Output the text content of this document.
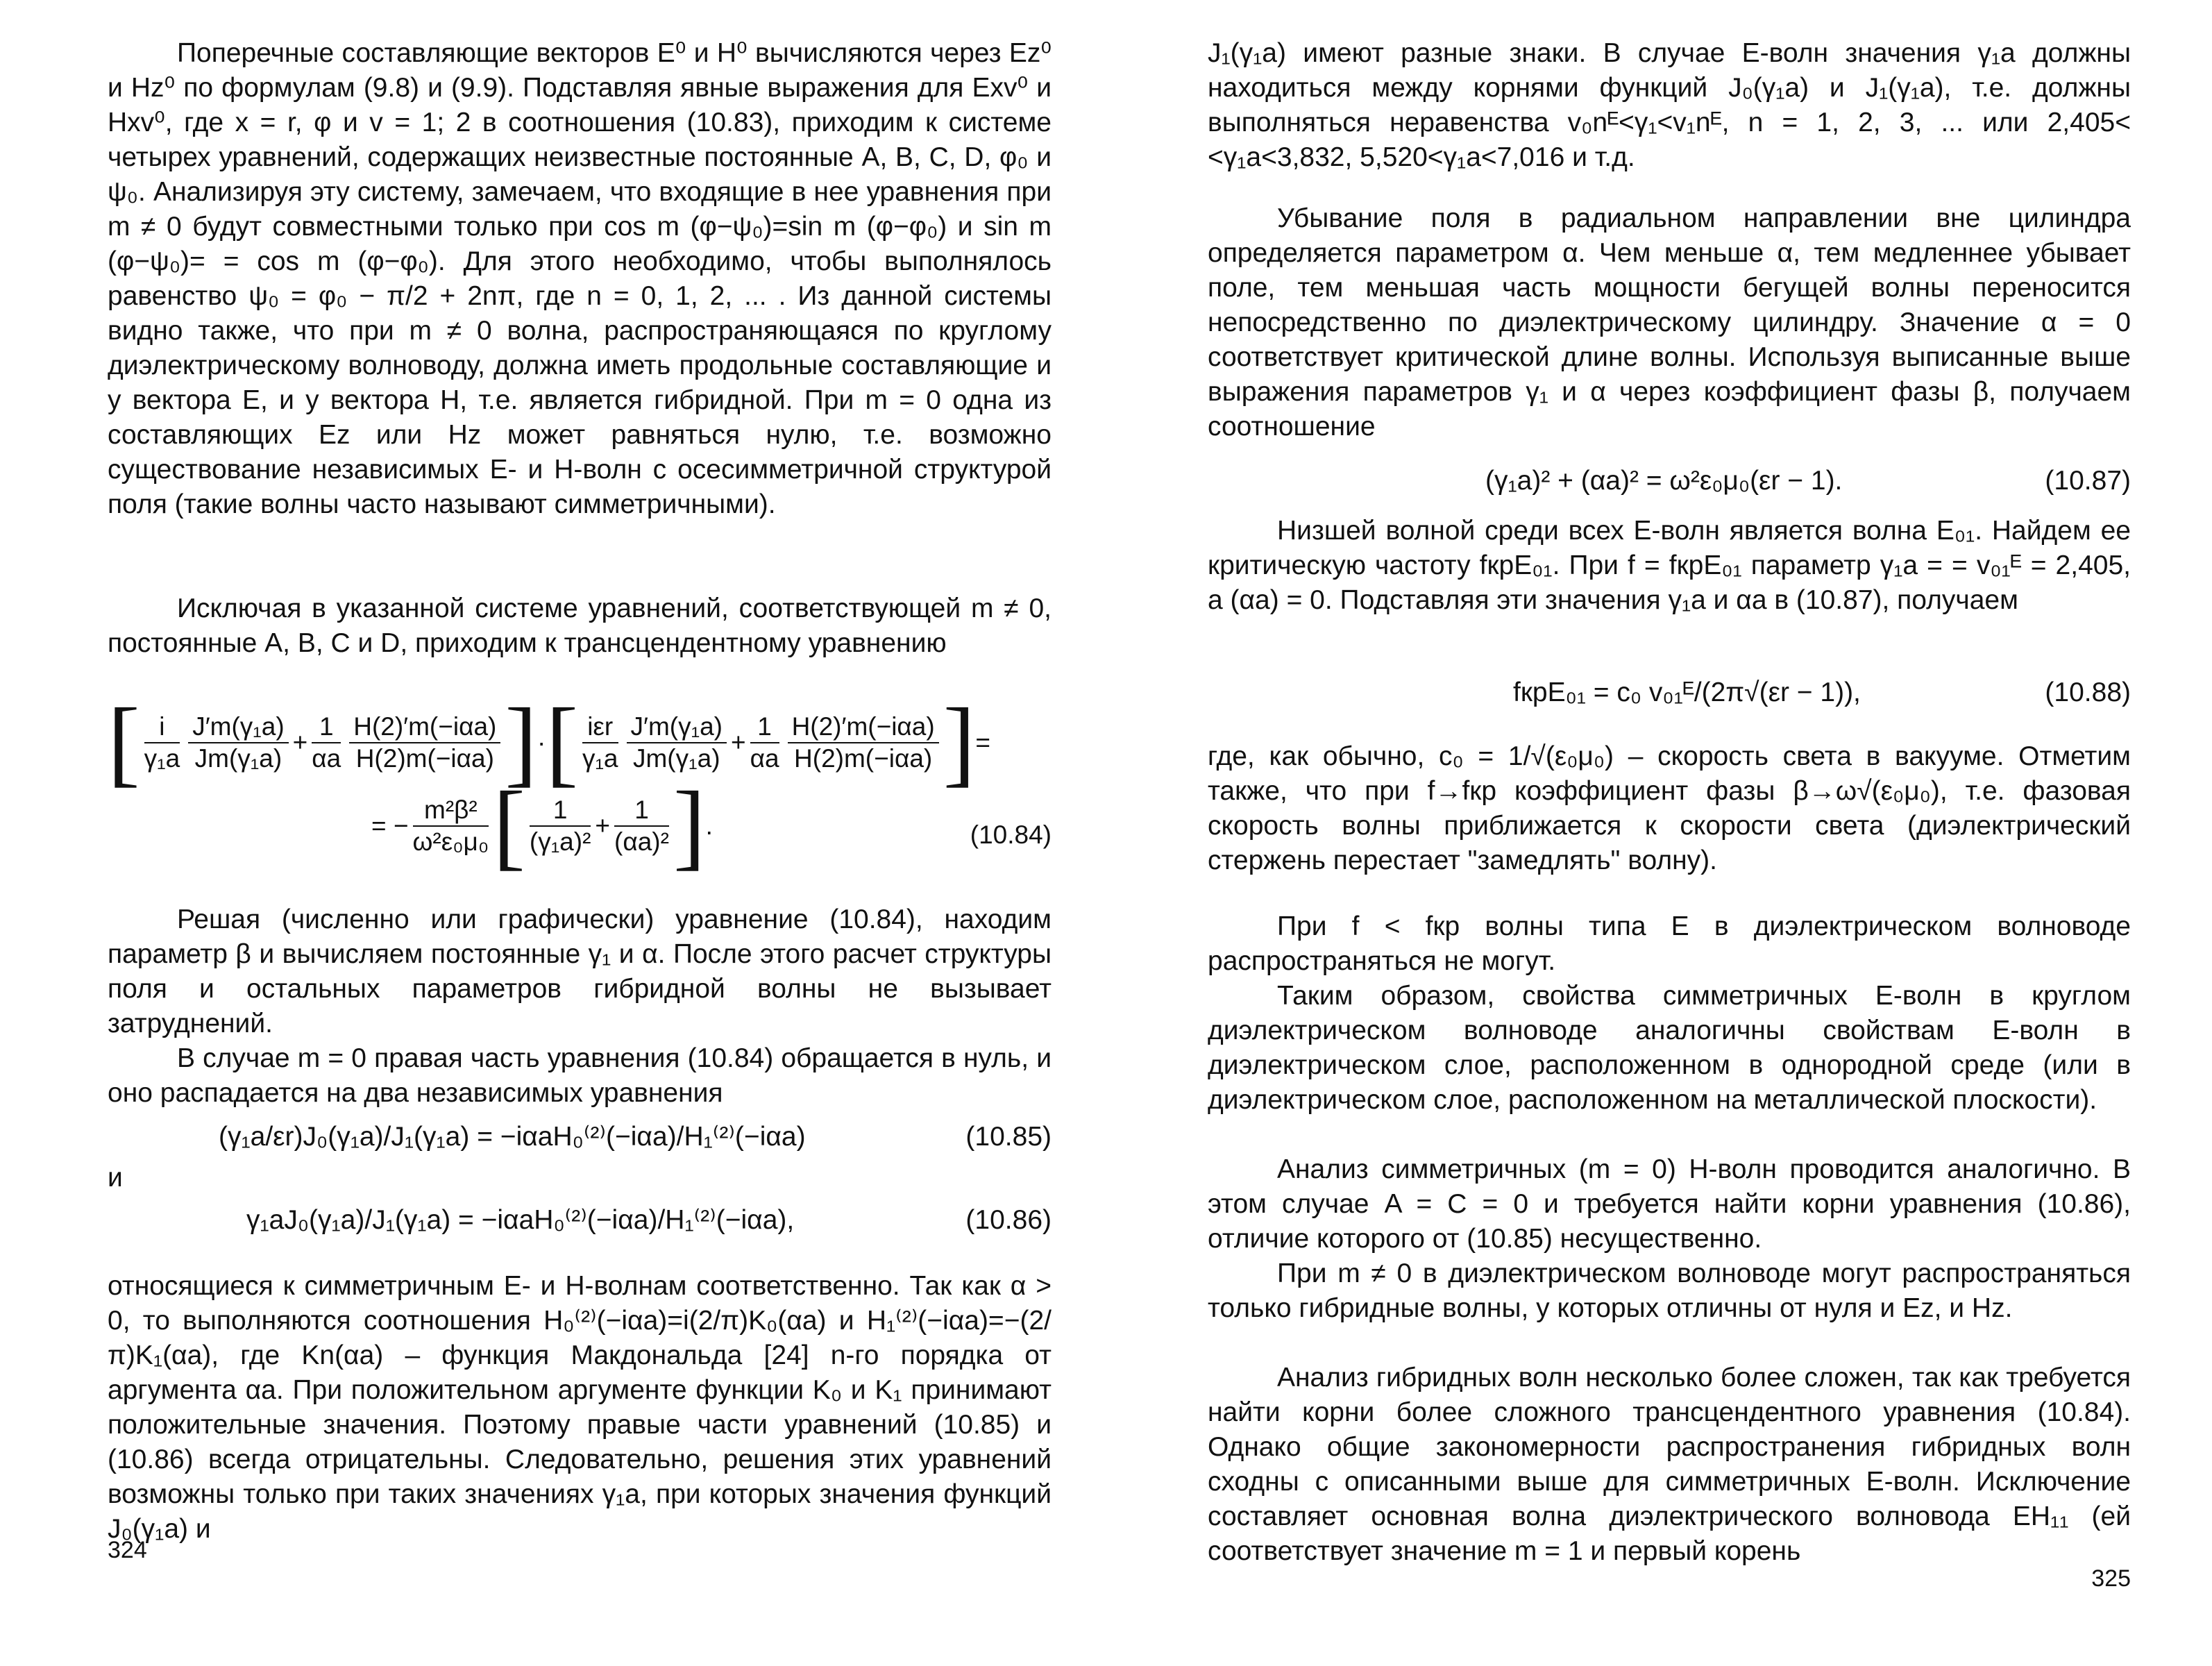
Поперечные составляющие векторов E⁰ и H⁰ вычисляются через Ez⁰ и Hz⁰ по формулам (9.8) и (9.9). Подставляя явные выражения для Exv⁰ и Hxv⁰, где x = r, φ и v = 1; 2 в соотношения (10.83), приходим к системе четырех уравнений, содержащих неизвестные постоянные A, B, C, D, φ₀ и ψ₀. Анализируя эту систему, замечаем, что входящие в нее уравнения при m ≠ 0 будут совместными только при cos m (φ−ψ₀)=sin m (φ−φ₀) и sin m (φ−ψ₀)= = cos m (φ−φ₀). Для этого необходимо, чтобы выполнялось равенство ψ₀ = φ₀ − π/2 + 2nπ, где n = 0, 1, 2, ... . Из данной системы видно также, что при m ≠ 0 волна, распространяющаяся по круглому диэлектрическому волноводу, должна иметь продольные составляющие и у вектора E, и у вектора H, т.е. является гибридной. При m = 0 одна из составляющих Ez или Hz может равняться нулю, т.е. возможно существование независимых E- и H-волн с осесимметричной структурой поля (такие волны часто называют симметричными).

Исключая в указанной системе уравнений, соответствующей m ≠ 0, постоянные A, B, C и D, приходим к трансцендентному уравнению

[ $\frac{i}{\text{γ₁a}} \frac{\text{J′m(γ₁a)}}{\text{Jm(γ₁a)}} + \frac{1}{\alpha a} \frac{\text{H(2)′m(−iαa)}}{\text{H(2)m(−iαa)}}$ ] · [ $\frac{\text{iεr}}{\text{γ₁a}} \frac{\text{J′m(γ₁a)}}{\text{Jm(γ₁a)}} + \frac{1}{\alpha a} \frac{\text{H(2)′m(−iαa)}}{\text{H(2)m(−iαa)}}$ ] =
= − $\frac{\text{m²β²}}{\text{ω²ε₀μ₀}}$ [ $\frac{1}{\text{(γ₁a)²}} + \frac{1}{\text{(αa)²}}$ ] .	(10.84)

Решая (численно или графически) уравнение (10.84), находим параметр β и вычисляем постоянные γ₁ и α. После этого расчет структуры поля и остальных параметров гибридной волны не вызывает затруднений.

В случае m = 0 правая часть уравнения (10.84) обращается в нуль, и оно распадается на два независимых уравнения

(γ₁a/εr)J₀(γ₁a)/J₁(γ₁a) = −iαaH₀⁽²⁾(−iαa)/H₁⁽²⁾(−iαa)	(10.85)
и
γ₁aJ₀(γ₁a)/J₁(γ₁a) = −iαaH₀⁽²⁾(−iαa)/H₁⁽²⁾(−iαa),	(10.86)

относящиеся к симметричным E- и H-волнам соответственно. Так как α > 0, то выполняются соотношения H₀⁽²⁾(−iαa)=i(2/π)K₀(αa) и H₁⁽²⁾(−iαa)=−(2/π)K₁(αa), где Kn(αa) – функция Макдональда [24] n-го порядка от аргумента αa. При положительном аргументе функции K₀ и K₁ принимают положительные значения. Поэтому правые части уравнений (10.85) и (10.86) всегда отрицательны. Следовательно, решения этих уравнений возможны только при таких значениях γ₁a, при которых значения функций J₀(γ₁a) и

324

J₁(γ₁a) имеют разные знаки. В случае E-волн значения γ₁a должны находиться между корнями функций J₀(γ₁a) и J₁(γ₁a), т.е. должны выполняться неравенства v₀nᴱ<γ₁<v₁nᴱ, n = 1, 2, 3, ... или 2,405< <γ₁a<3,832, 5,520<γ₁a<7,016 и т.д.

Убывание поля в радиальном направлении вне цилиндра определяется параметром α. Чем меньше α, тем медленнее убывает поле, тем меньшая часть мощности бегущей волны переносится непосредственно по диэлектрическому цилиндру. Значение α = 0 соответствует критической длине волны. Используя выписанные выше выражения параметров γ₁ и α через коэффициент фазы β, получаем соотношение

(γ₁a)² + (αa)² = ω²ε₀μ₀(εr − 1).	(10.87)

Низшей волной среди всех E-волн является волна E₀₁. Найдем ее критическую частоту fкрE₀₁. При f = fкрE₀₁ параметр γ₁a = = v₀₁ᴱ = 2,405, а (αa) = 0. Подставляя эти значения γ₁a и αa в (10.87), получаем

fкрE₀₁ = c₀ v₀₁ᴱ/(2π√(εr − 1)),	(10.88)

где, как обычно, c₀ = 1/√(ε₀μ₀) – скорость света в вакууме. Отметим также, что при f→fкр коэффициент фазы β→ω√(ε₀μ₀), т.е. фазовая скорость волны приближается к скорости света (диэлектрический стержень перестает "замедлять" волну).

При f < fкр волны типа E в диэлектрическом волноводе распространяться не могут.

Таким образом, свойства симметричных E-волн в круглом диэлектрическом волноводе аналогичны свойствам E-волн в диэлектрическом слое, расположенном в однородной среде (или в диэлектрическом слое, расположенном на металлической плоскости).

Анализ симметричных (m = 0) H-волн проводится аналогично. В этом случае A = C = 0 и требуется найти корни уравнения (10.86), отличие которого от (10.85) несущественно.

При m ≠ 0 в диэлектрическом волноводе могут распространяться только гибридные волны, у которых отличны от нуля и Ez, и Hz.

Анализ гибридных волн несколько более сложен, так как требуется найти корни более сложного трансцендентного уравнения (10.84). Однако общие закономерности распространения гибридных волн сходны с описанными выше для симметричных E-волн. Исключение составляет основная волна диэлектрического волновода EH₁₁ (ей соответствует значение m = 1 и первый корень

325
